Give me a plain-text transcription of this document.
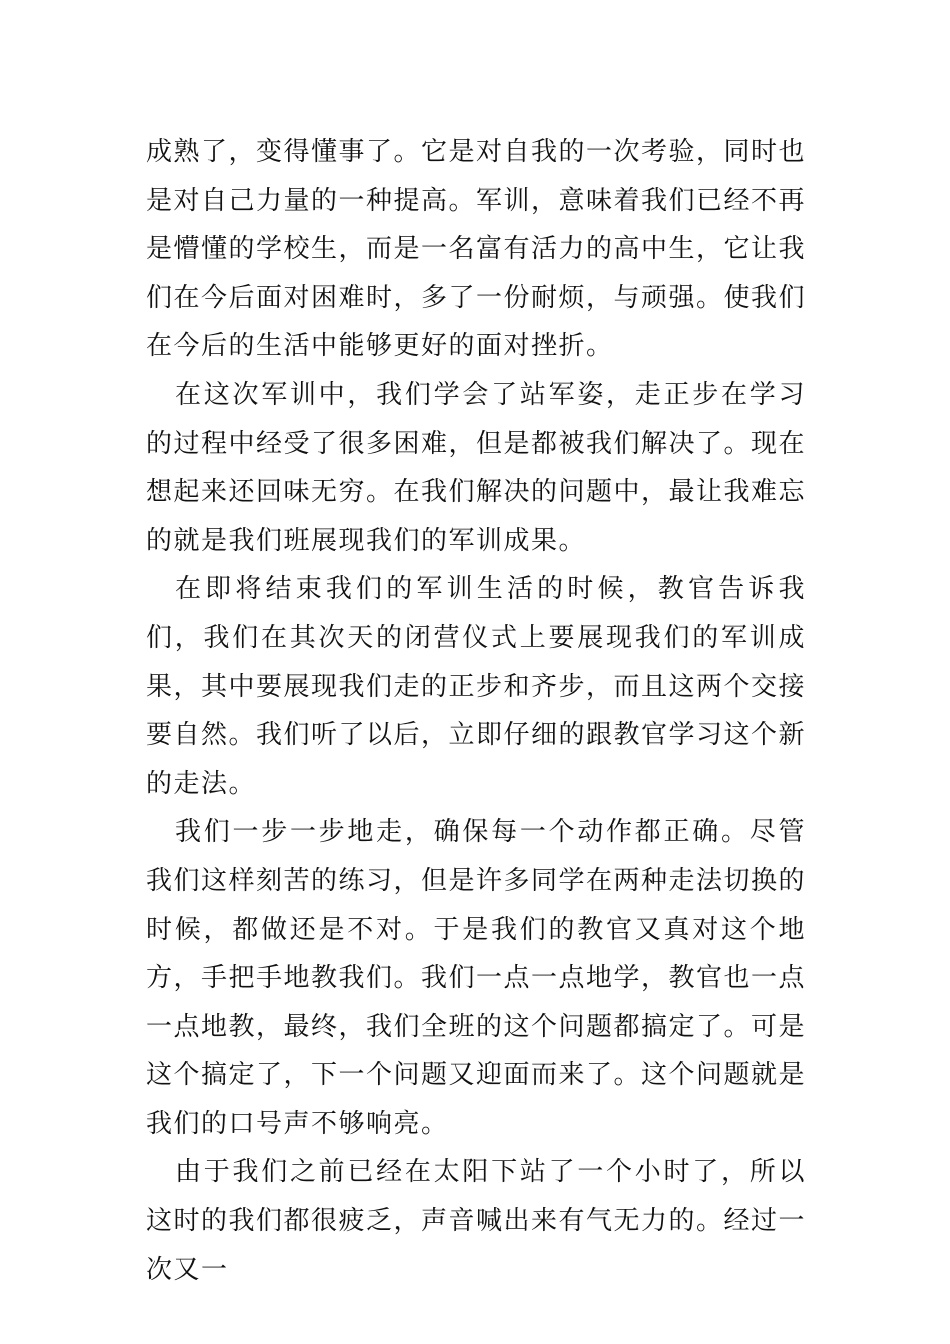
成熟了，变得懂事了。它是对自我的一次考验，同时也是对自己力量的一种提高。军训，意味着我们已经不再是懵懂的学校生，而是一名富有活力的高中生，它让我们在今后面对困难时，多了一份耐烦，与顽强。使我们在今后的生活中能够更好的面对挫折。

在这次军训中，我们学会了站军姿，走正步在学习的过程中经受了很多困难，但是都被我们解决了。现在想起来还回味无穷。在我们解决的问题中，最让我难忘的就是我们班展现我们的军训成果。

在即将结束我们的军训生活的时候，教官告诉我们，我们在其次天的闭营仪式上要展现我们的军训成果，其中要展现我们走的正步和齐步，而且这两个交接要自然。我们听了以后，立即仔细的跟教官学习这个新的走法。

我们一步一步地走，确保每一个动作都正确。尽管我们这样刻苦的练习，但是许多同学在两种走法切换的时候，都做还是不对。于是我们的教官又真对这个地方，手把手地教我们。我们一点一点地学，教官也一点一点地教，最终，我们全班的这个问题都搞定了。可是这个搞定了，下一个问题又迎面而来了。这个问题就是我们的口号声不够响亮。

由于我们之前已经在太阳下站了一个小时了，所以这时的我们都很疲乏，声音喊出来有气无力的。经过一次又一
